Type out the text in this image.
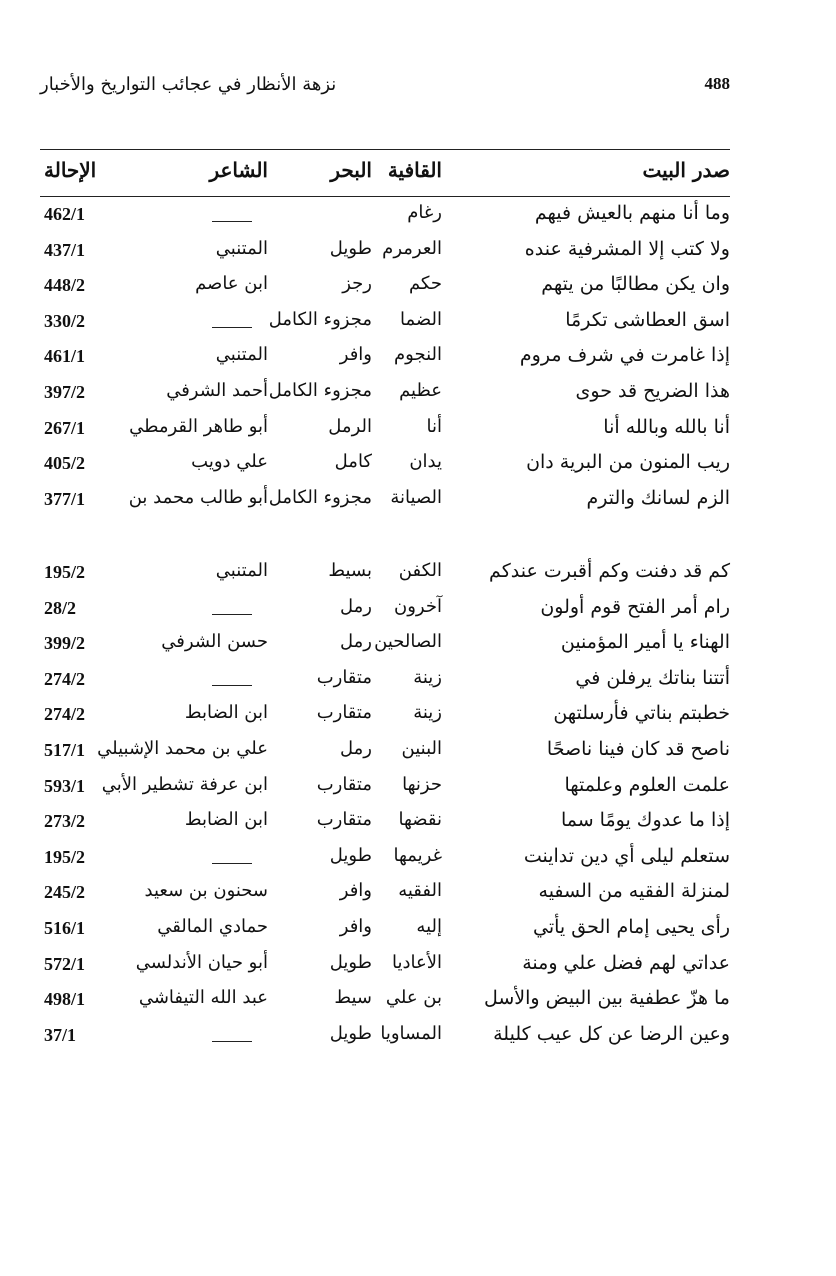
488
نزهة الأنظار في عجائب التواريخ والأخبار
صدر البيت
القافية
البحر
الشاعر
الإحالة
وما أنا منهم بالعيش فيهم
رغام
462/1
ولا كتب إلا المشرفية عنده
العرمرم
طويل
المتنبي
437/1
وان يكن مطالبًا من يتهم
حكم
رجز
ابن عاصم
448/2
اسق العطاشى تكرمًا
الضما
مجزوء الكامل
330/2
إذا غامرت في شرف مروم
النجوم
وافر
المتنبي
461/1
هذا الضريح قد حوى
عظيم
مجزوء الكامل
أحمد الشرفي
397/2
أنا بالله وبالله أنا
أنا
الرمل
أبو طاهر القرمطي
267/1
ريب المنون من البرية دان
يدان
كامل
علي دويب
405/2
الزم لسانك والترم
الصيانة
مجزوء الكامل
أبو طالب محمد بن
377/1
كم قد دفنت وكم أقبرت عندكم
الكفن
بسيط
المتنبي
195/2
رام أمر الفتح قوم أولون
آخرون
رمل
28/2
الهناء يا أمير المؤمنين
الصالحين
رمل
حسن الشرفي
399/2
أتتنا بناتك يرفلن في
زينة
متقارب
274/2
خطبتم بناتي فأرسلتهن
زينة
متقارب
ابن الضابط
274/2
ناصح قد كان فينا ناصحًا
البنين
رمل
علي بن محمد الإشبيلي
517/1
علمت العلوم وعلمتها
حزنها
متقارب
ابن عرفة تشطير الأبي
593/1
إذا ما عدوك يومًا سما
نقضها
متقارب
ابن الضابط
273/2
ستعلم ليلى أي دين تداينت
غريمها
طويل
195/2
لمنزلة الفقيه من السفيه
الفقيه
وافر
سحنون بن سعيد
245/2
رأى يحيى إمام الحق يأتي
إليه
وافر
حمادي المالقي
516/1
عداتي لهم فضل علي ومنة
الأعاديا
طويل
أبو حيان الأندلسي
572/1
ما هزّ عطفية بين البيض والأسل
بن علي
سيط
عبد الله التيفاشي
498/1
وعين الرضا عن كل عيب كليلة
المساويا
طويل
37/1
